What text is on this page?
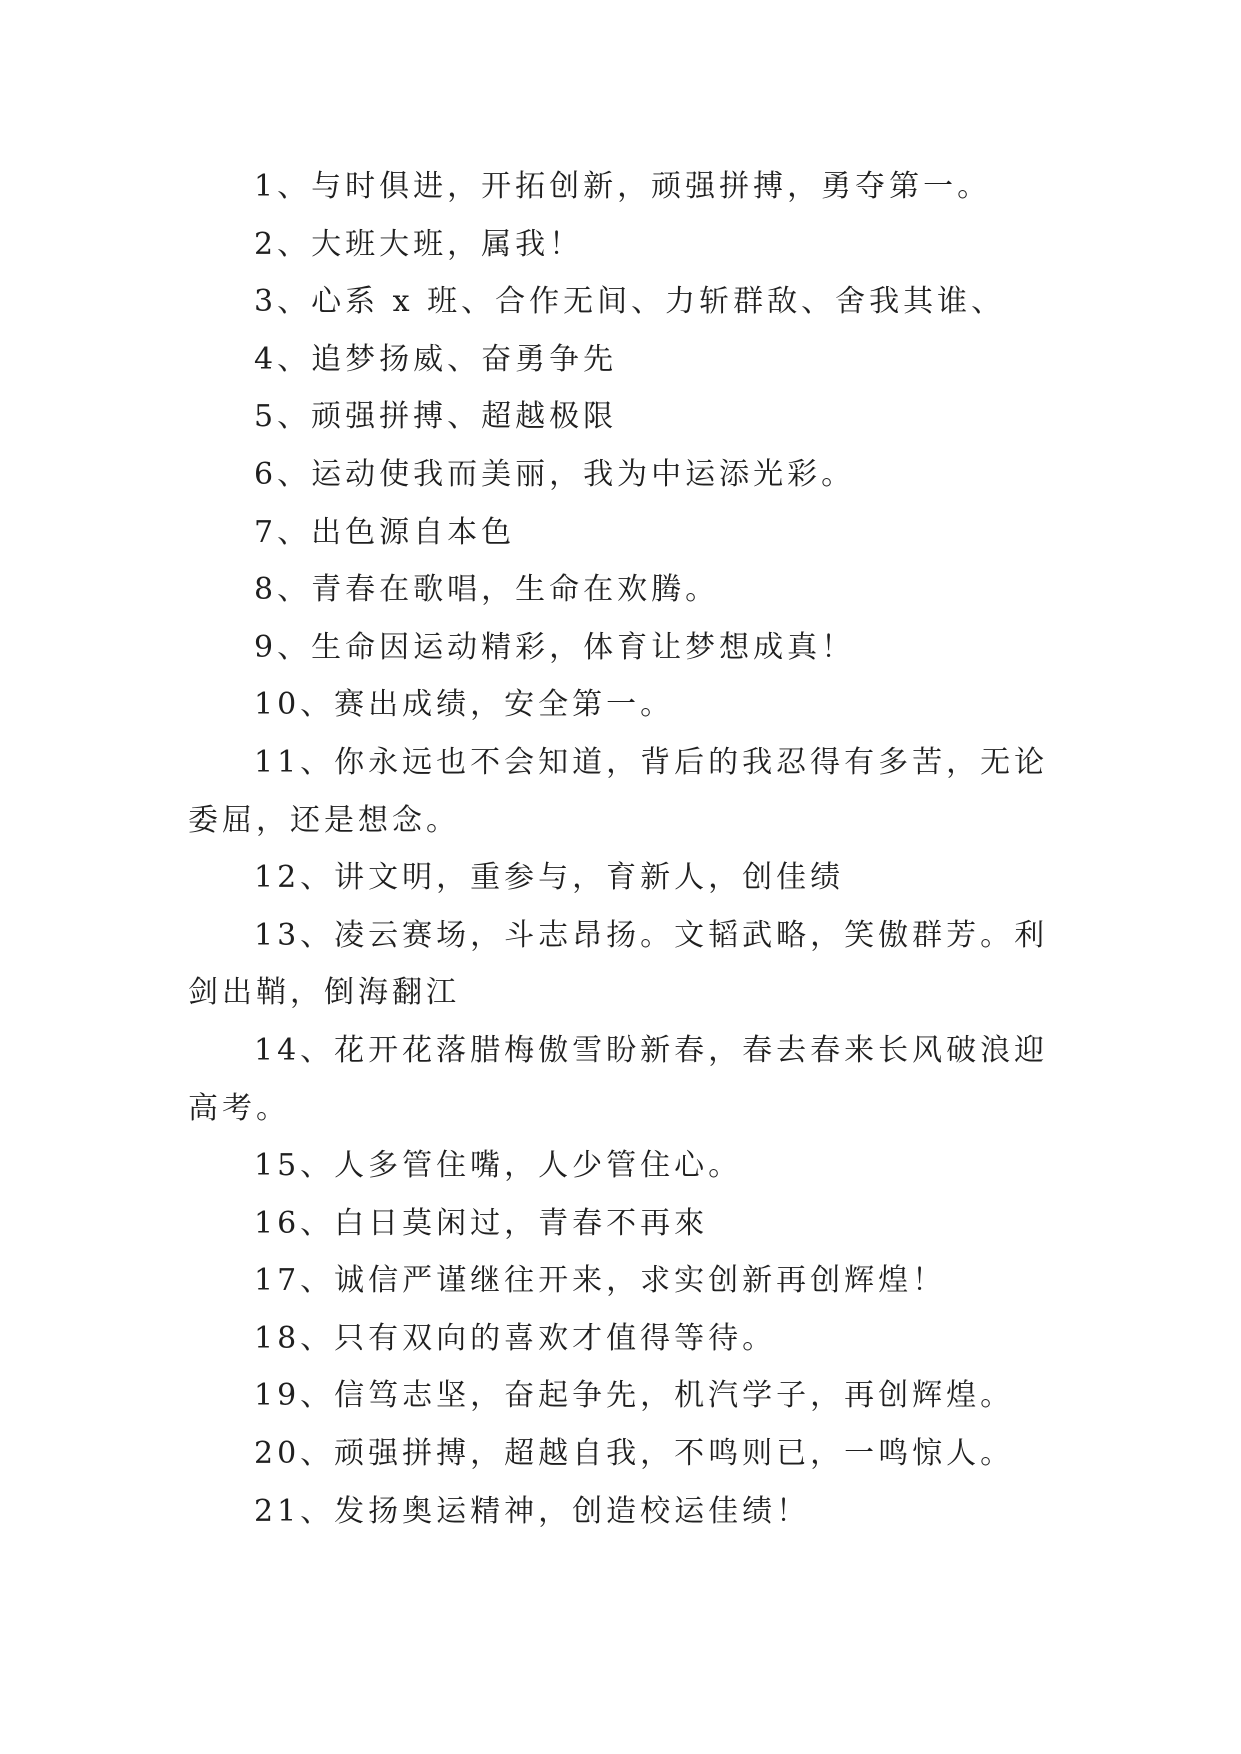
1、与时俱进，开拓创新，顽强拼搏，勇夺第一。

2、大班大班，属我！

3、心系 x 班、合作无间、力斩群敌、舍我其谁、

4、追梦扬威、奋勇争先

5、顽强拼搏、超越极限

6、运动使我而美丽，我为中运添光彩。

7、出色源自本色

8、青春在歌唱，生命在欢腾。

9、生命因运动精彩，体育让梦想成真！

10、赛出成绩，安全第一。

11、你永远也不会知道，背后的我忍得有多苦，无论委屈，还是想念。

12、讲文明，重参与，育新人，创佳绩

13、凌云赛场，斗志昂扬。文韬武略，笑傲群芳。利剑出鞘，倒海翻江

14、花开花落腊梅傲雪盼新春，春去春来长风破浪迎高考。

15、人多管住嘴，人少管住心。

16、白日莫闲过，青春不再來

17、诚信严谨继往开来，求实创新再创辉煌！

18、只有双向的喜欢才值得等待。

19、信笃志坚，奋起争先，机汽学子，再创辉煌。

20、顽强拼搏，超越自我，不鸣则已，一鸣惊人。

21、发扬奥运精神，创造校运佳绩！
